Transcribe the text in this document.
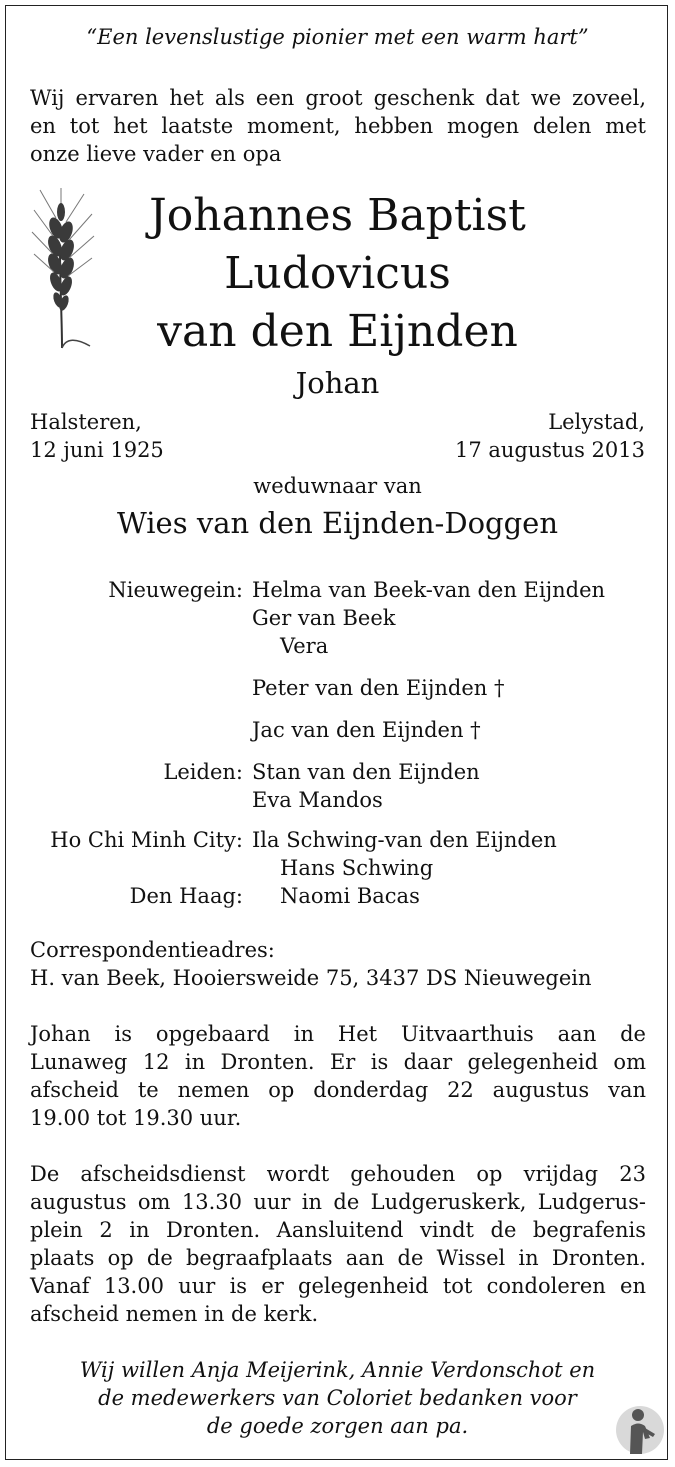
“Een levenslustige pionier met een warm hart”
Wij ervaren het als een groot geschenk dat we zoveel,
en tot het laatste moment, hebben mogen delen met
onze lieve vader en opa
Johannes Baptist
Ludovicus
van den Eijnden
Johan
Halsteren,
12 juni 1925
Lelystad,
17 augustus 2013
weduwnaar van
Wies van den Eijnden-Doggen
Nieuwegein: Helma van Beek-van den Eijnden
Ger van Beek
Vera
Peter van den Eijnden †
Jac van den Eijnden †
Leiden: Stan van den Eijnden
Eva Mandos
Ho Chi Minh City: Ila Schwing-van den Eijnden
Hans Schwing
Den Haag: Naomi Bacas
Correspondentieadres:
H. van Beek, Hooiersweide 75, 3437 DS Nieuwegein
Johan is opgebaard in Het Uitvaarthuis aan de
Lunaweg 12 in Dronten. Er is daar gelegenheid om
afscheid te nemen op donderdag 22 augustus van
19.00 tot 19.30 uur.
De afscheidsdienst wordt gehouden op vrijdag 23
augustus om 13.30 uur in de Ludgeruskerk, Ludgerus-
plein 2 in Dronten. Aansluitend vindt de begrafenis
plaats op de begraafplaats aan de Wissel in Dronten.
Vanaf 13.00 uur is er gelegenheid tot condoleren en
afscheid nemen in de kerk.
Wij willen Anja Meijerink, Annie Verdonschot en
de medewerkers van Coloriet bedanken voor
de goede zorgen aan pa.
